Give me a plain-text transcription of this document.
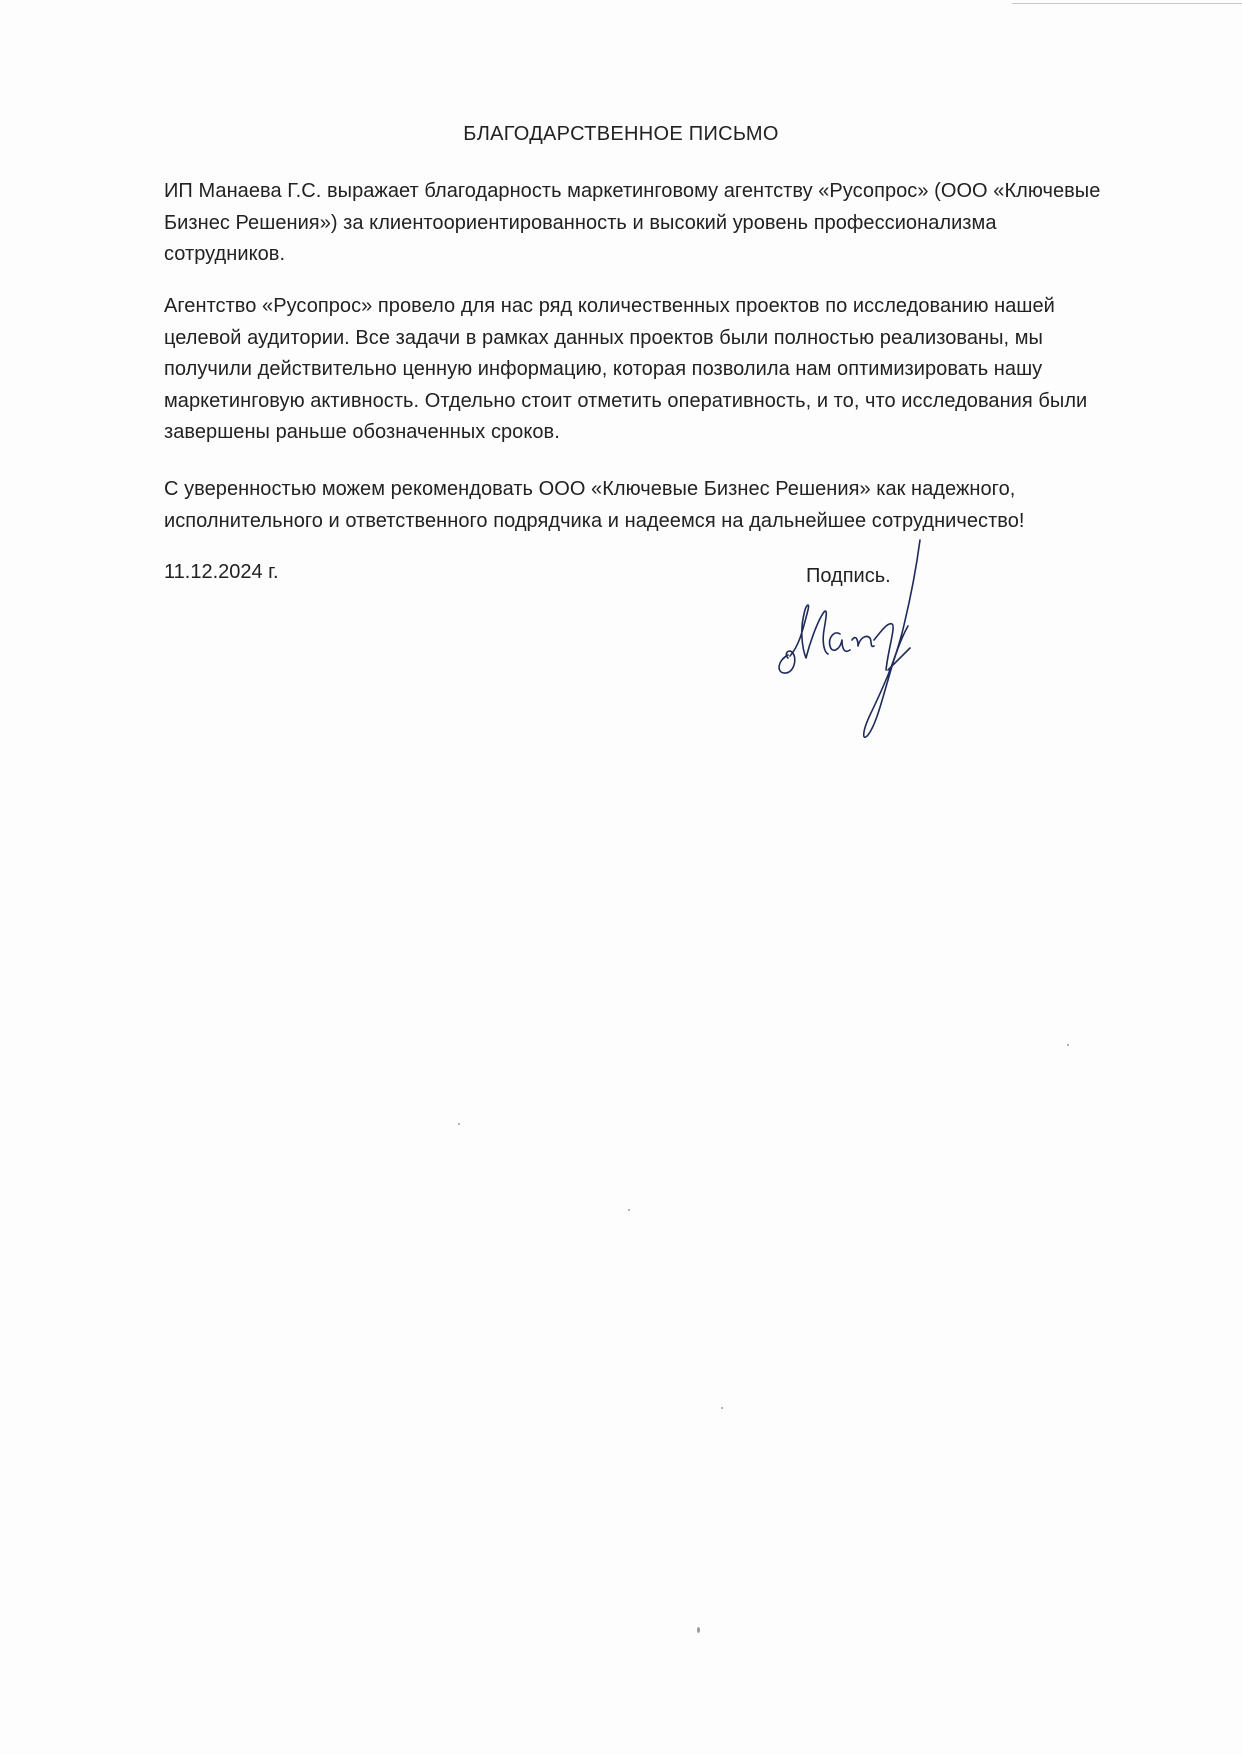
БЛАГОДАРСТВЕННОЕ ПИСЬМО
ИП Манаева Г.С. выражает благодарность маркетинговому агентству «Русопрос» (ООО «Ключевые
Бизнес Решения») за клиентоориентированность и высокий уровень профессионализма
сотрудников.
Агентство «Русопрос» провело для нас ряд количественных проектов по исследованию нашей
целевой аудитории. Все задачи в рамках данных проектов были полностью реализованы, мы
получили действительно ценную информацию, которая позволила нам оптимизировать нашу
маркетинговую активность. Отдельно стоит отметить оперативность, и то, что исследования были
завершены раньше обозначенных сроков.
С уверенностью можем рекомендовать ООО «Ключевые Бизнес Решения» как надежного,
исполнительного и ответственного подрядчика и надеемся на дальнейшее сотрудничество!
11.12.2024 г.	Подпись.
